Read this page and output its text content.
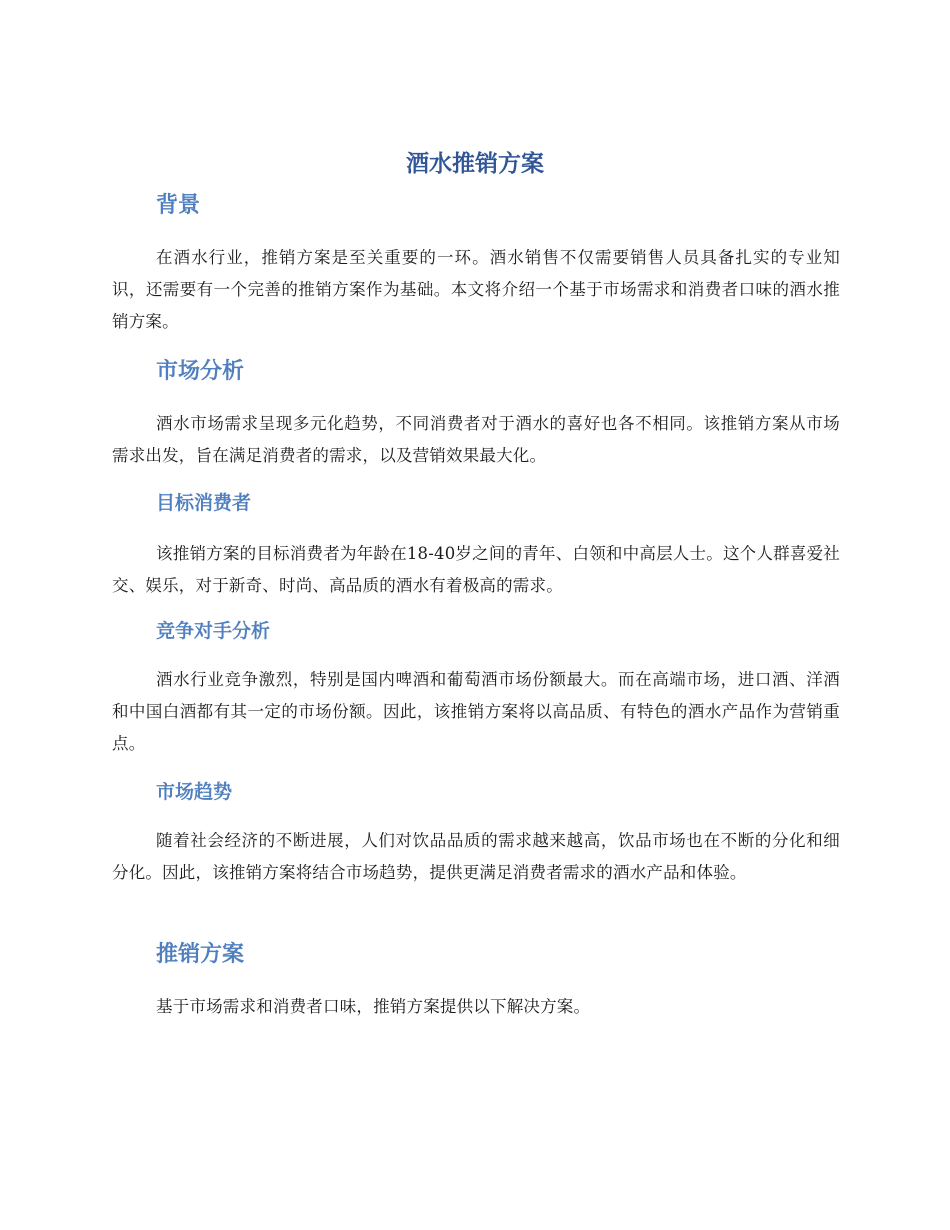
酒水推销方案
背景

在酒水行业，推销方案是至关重要的一环。酒水销售不仅需要销售人员具备扎实的专业知识，还需要有一个完善的推销方案作为基础。本文将介绍一个基于市场需求和消费者口味的酒水推销方案。

市场分析

酒水市场需求呈现多元化趋势，不同消费者对于酒水的喜好也各不相同。该推销方案从市场需求出发，旨在满足消费者的需求，以及营销效果最大化。

目标消费者

该推销方案的目标消费者为年龄在18-40岁之间的青年、白领和中高层人士。这个人群喜爱社交、娱乐，对于新奇、时尚、高品质的酒水有着极高的需求。

竞争对手分析

酒水行业竞争激烈，特别是国内啤酒和葡萄酒市场份额最大。而在高端市场，进口酒、洋酒和中国白酒都有其一定的市场份额。因此，该推销方案将以高品质、有特色的酒水产品作为营销重点。

市场趋势

随着社会经济的不断进展，人们对饮品品质的需求越来越高，饮品市场也在不断的分化和细分化。因此，该推销方案将结合市场趋势，提供更满足消费者需求的酒水产品和体验。

推销方案

基于市场需求和消费者口味，推销方案提供以下解决方案。
